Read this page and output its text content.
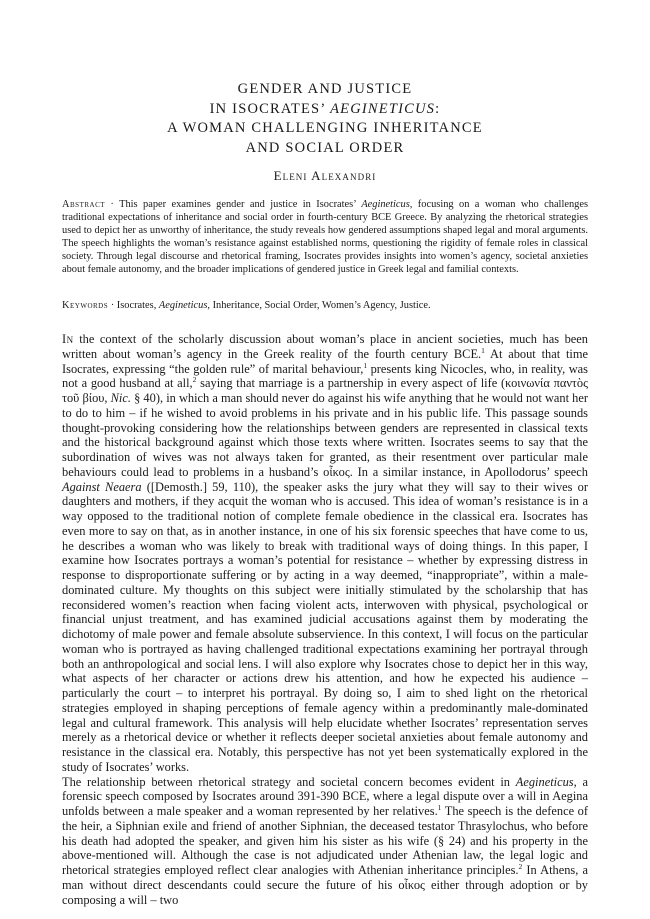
GENDER AND JUSTICE

IN ISOCRATES’ AEGINETICUS:

A WOMAN CHALLENGING INHERITANCE

AND SOCIAL ORDER

Eleni Alexandri
Abstract · This paper examines gender and justice in Isocrates’ Aegineticus, focusing on a woman who challenges traditional expectations of inheritance and social order in fourth-century BCE Greece. By analyzing the rhetorical strategies used to depict her as unworthy of inheritance, the study reveals how gendered assumptions shaped legal and moral arguments. The speech highlights the woman’s resistance against established norms, questioning the rigidity of female roles in classical society. Through legal discourse and rhetorical framing, Isocrates provides insights into women’s agency, societal anxieties about female autonomy, and the broader implications of gendered justice in Greek legal and familial contexts.
Keywords · Isocrates, Aegineticus, Inheritance, Social Order, Women’s Agency, Justice.

In the context of the scholarly discussion about woman’s place in ancient societies, much has been written about woman’s agency in the Greek reality of the fourth century BCE.$^1$ At about that time Isocrates, expressing “the golden rule” of marital behaviour,$^1$ presents king Nicocles, who, in reality, was not a good husband at all,$^2$ saying that marriage is a partnership in every aspect of life (κοινωνία παντὸς τοῦ βίου, Nic. § 40), in which a man should never do against his wife anything that he would not want her to do to him – if he wished to avoid problems in his private and in his public life. This passage sounds thought-provoking considering how the relationships between genders are represented in classical texts and the historical background against which those texts where written. Isocrates seems to say that the subordination of wives was not always taken for granted, as their resentment over particular male behaviours could lead to problems in a husband’s οἶκος. In a similar instance, in Apollodorus’ speech Against Neaera ([Demosth.] 59, 110), the speaker asks the jury what they will say to their wives or daughters and mothers, if they acquit the woman who is accused. This idea of woman’s resistance is in a way opposed to the traditional notion of complete female obedience in the classical era. Isocrates has even more to say on that, as in another instance, in one of his six forensic speeches that have come to us, he describes a woman who was likely to break with traditional ways of doing things. In this paper, I examine how Isocrates portrays a woman’s potential for resistance – whether by expressing distress in response to disproportionate suffering or by acting in a way deemed, “inappropriate”, within a male-dominated culture. My thoughts on this subject were initially stimulated by the scholarship that has reconsidered women’s reaction when facing violent acts, interwoven with physical, psychological or financial unjust treatment, and has examined judicial accusations against them by moderating the dichotomy of male power and female absolute subservience. In this context, I will focus on the particular woman who is portrayed as having challenged traditional expectations examining her portrayal through both an anthropological and social lens. I will also explore why Isocrates chose to depict her in this way, what aspects of her character or actions drew his attention, and how he expected his audience – particularly the court – to interpret his portrayal. By doing so, I aim to shed light on the rhetorical strategies employed in shaping perceptions of female agency within a predominantly male-dominated legal and cultural framework. This analysis will help elucidate whether Isocrates’ representation serves merely as a rhetorical device or whether it reflects deeper societal anxieties about female autonomy and resistance in the classical era. Notably, this perspective has not yet been systematically explored in the study of Isocrates’ works.

The relationship between rhetorical strategy and societal concern becomes evident in Aegineticus, a forensic speech composed by Isocrates around 391-390 BCE, where a legal dispute over a will in Aegina unfolds between a male speaker and a woman represented by her relatives.$^1$ The speech is the defence of the heir, a Siphnian exile and friend of another Siphnian, the deceased testator Thrasylochus, who before his death had adopted the speaker, and given him his sister as his wife (§ 24) and his property in the above-mentioned will. Although the case is not adjudicated under Athenian law, the legal logic and rhetorical strategies employed reflect clear analogies with Athenian inheritance principles.$^2$ In Athens, a man without direct descendants could secure the future of his οἶκος either through adoption or by composing a will – two
